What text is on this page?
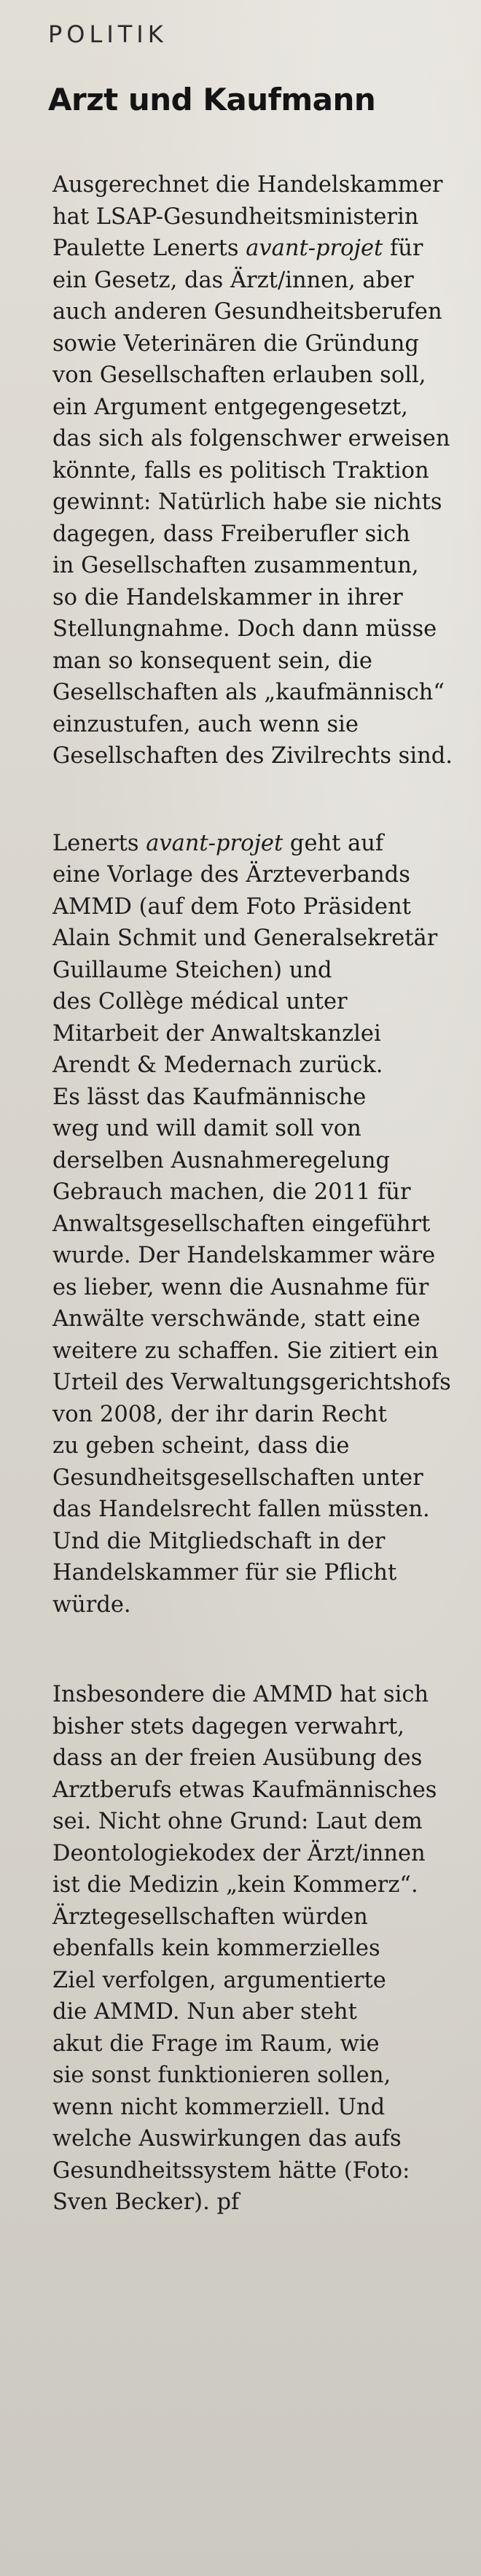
POLITIK
Arzt und Kaufmann
Ausgerechnet die Handelskammer
hat LSAP-Gesundheitsministerin
Paulette Lenerts avant-projet für
ein Gesetz, das Ärzt/innen, aber
auch anderen Gesundheitsberufen
sowie Veterinären die Gründung
von Gesellschaften erlauben soll,
ein Argument entgegengesetzt,
das sich als folgenschwer erweisen
könnte, falls es politisch Traktion
gewinnt: Natürlich habe sie nichts
dagegen, dass Freiberufler sich
in Gesellschaften zusammentun,
so die Handelskammer in ihrer
Stellungnahme. Doch dann müsse
man so konsequent sein, die
Gesellschaften als „kaufmännisch“
einzustufen, auch wenn sie
Gesellschaften des Zivilrechts sind.
Lenerts avant-projet geht auf
eine Vorlage des Ärzteverbands
AMMD (auf dem Foto Präsident
Alain Schmit und Generalsekretär
Guillaume Steichen) und
des Collège médical unter
Mitarbeit der Anwaltskanzlei
Arendt & Medernach zurück.
Es lässt das Kaufmännische
weg und will damit soll von
derselben Ausnahmeregelung
Gebrauch machen, die 2011 für
Anwaltsgesellschaften eingeführt
wurde. Der Handelskammer wäre
es lieber, wenn die Ausnahme für
Anwälte verschwände, statt eine
weitere zu schaffen. Sie zitiert ein
Urteil des Verwaltungsgerichtshofs
von 2008, der ihr darin Recht
zu geben scheint, dass die
Gesundheitsgesellschaften unter
das Handelsrecht fallen müssten.
Und die Mitgliedschaft in der
Handelskammer für sie Pflicht
würde.
Insbesondere die AMMD hat sich
bisher stets dagegen verwahrt,
dass an der freien Ausübung des
Arztberufs etwas Kaufmännisches
sei. Nicht ohne Grund: Laut dem
Deontologiekodex der Ärzt/innen
ist die Medizin „kein Kommerz“.
Ärztegesellschaften würden
ebenfalls kein kommerzielles
Ziel verfolgen, argumentierte
die AMMD. Nun aber steht
akut die Frage im Raum, wie
sie sonst funktionieren sollen,
wenn nicht kommerziell. Und
welche Auswirkungen das aufs
Gesundheitssystem hätte (Foto:
Sven Becker). pf
